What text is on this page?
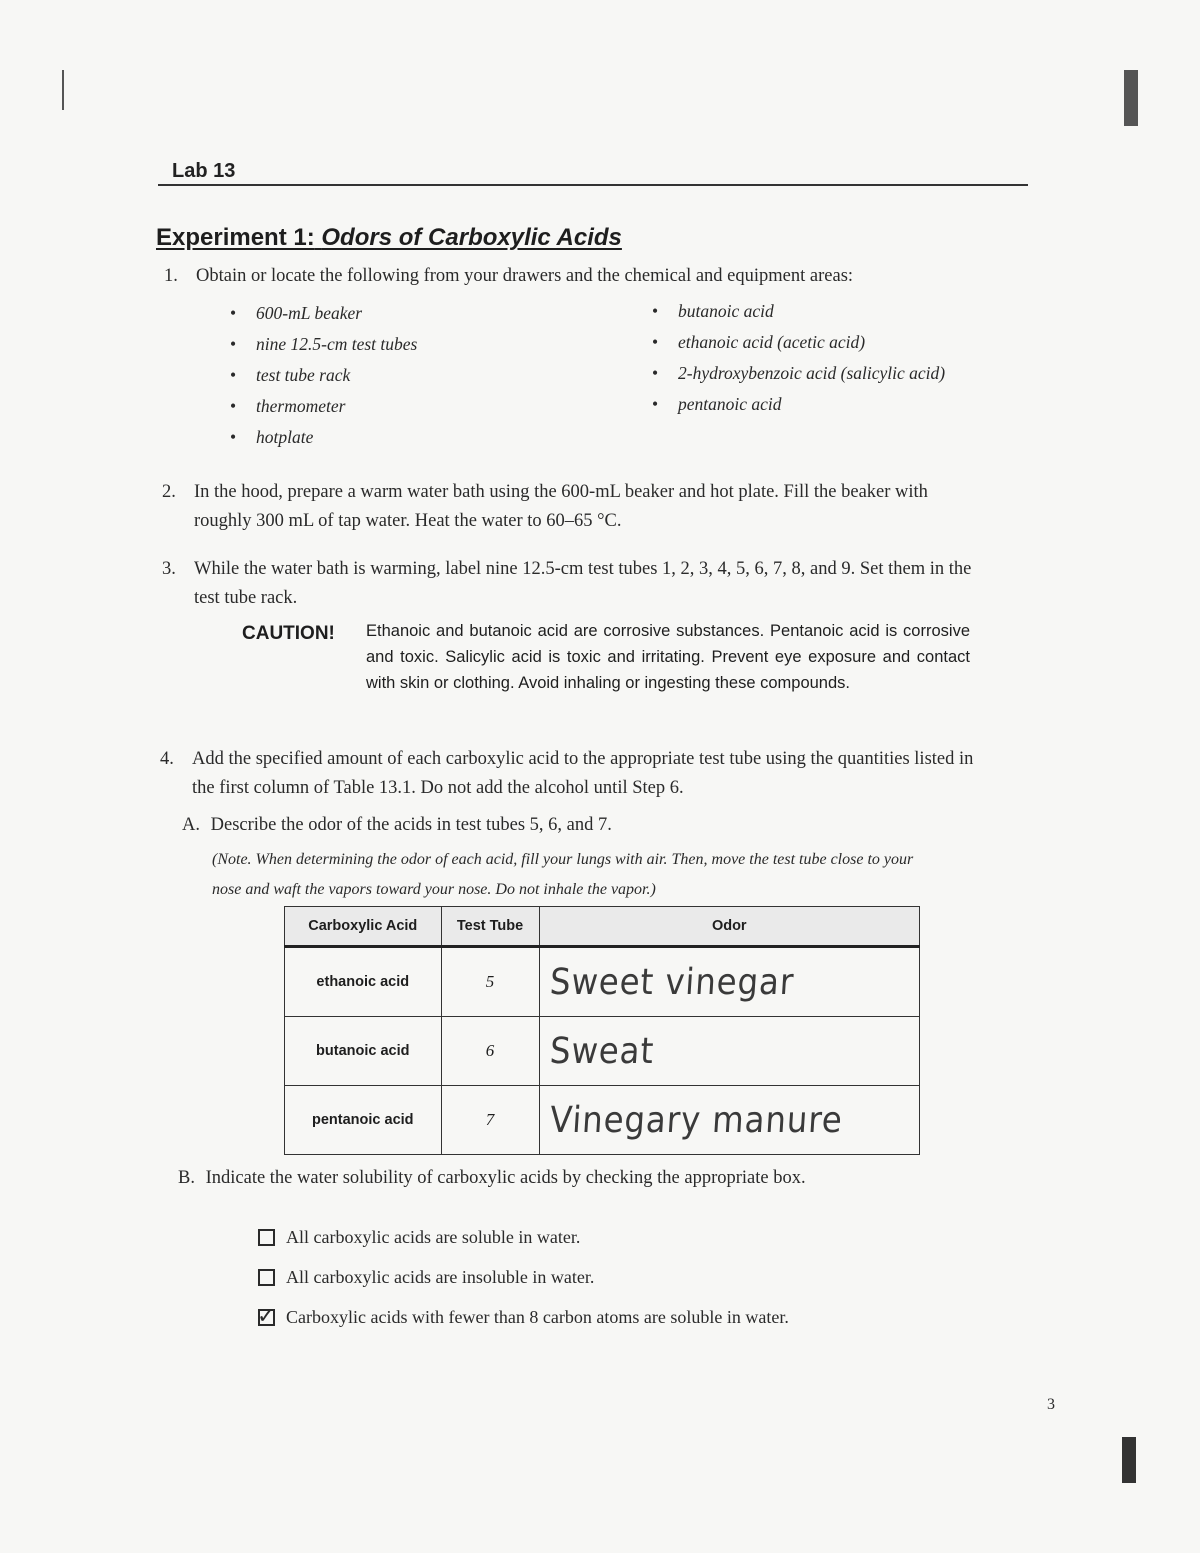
Lab 13
Experiment 1: Odors of Carboxylic Acids
1. Obtain or locate the following from your drawers and the chemical and equipment areas:
• 600-mL beaker
• nine 12.5-cm test tubes
• test tube rack
• thermometer
• hotplate
• butanoic acid
• ethanoic acid (acetic acid)
• 2-hydroxybenzoic acid (salicylic acid)
• pentanoic acid
2. In the hood, prepare a warm water bath using the 600-mL beaker and hot plate. Fill the beaker with
roughly 300 mL of tap water. Heat the water to 60–65 °C.
3. While the water bath is warming, label nine 12.5-cm test tubes 1, 2, 3, 4, 5, 6, 7, 8, and 9. Set them in the
test tube rack.
CAUTION! Ethanoic and butanoic acid are corrosive substances. Pentanoic acid is corrosive and toxic. Salicylic acid is toxic and irritating. Prevent eye exposure and contact with skin or clothing. Avoid inhaling or ingesting these compounds.
4. Add the specified amount of each carboxylic acid to the appropriate test tube using the quantities listed in
the first column of Table 13.1. Do not add the alcohol until Step 6.
A. Describe the odor of the acids in test tubes 5, 6, and 7.
(Note. When determining the odor of each acid, fill your lungs with air. Then, move the test tube close to your
nose and waft the vapors toward your nose. Do not inhale the vapor.)
Carboxylic Acid	Test Tube	Odor
ethanoic acid	5	Sweet vinegar
butanoic acid	6	Sweat
pentanoic acid	7	Vinegary manure
B. Indicate the water solubility of carboxylic acids by checking the appropriate box.
All carboxylic acids are soluble in water.
All carboxylic acids are insoluble in water.
✓ Carboxylic acids with fewer than 8 carbon atoms are soluble in water.
3
